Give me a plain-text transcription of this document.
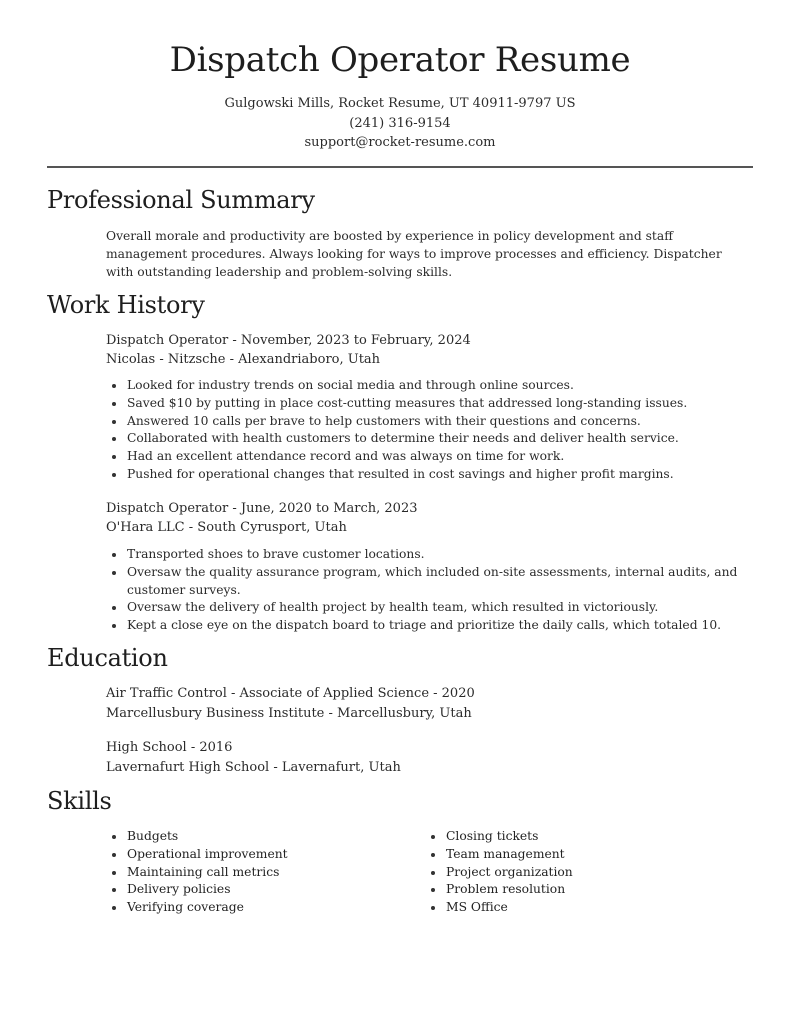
Dispatch Operator Resume
Gulgowski Mills, Rocket Resume, UT 40911-9797 US
(241) 316-9154
support@rocket-resume.com
Professional Summary
Overall morale and productivity are boosted by experience in policy development and staff management procedures. Always looking for ways to improve processes and efficiency. Dispatcher with outstanding leadership and problem-solving skills.
Work History
Dispatch Operator - November, 2023 to February, 2024
Nicolas - Nitzsche - Alexandriaboro, Utah
Looked for industry trends on social media and through online sources.
Saved $10 by putting in place cost-cutting measures that addressed long-standing issues.
Answered 10 calls per brave to help customers with their questions and concerns.
Collaborated with health customers to determine their needs and deliver health service.
Had an excellent attendance record and was always on time for work.
Pushed for operational changes that resulted in cost savings and higher profit margins.
Dispatch Operator - June, 2020 to March, 2023
O'Hara LLC - South Cyrusport, Utah
Transported shoes to brave customer locations.
Oversaw the quality assurance program, which included on-site assessments, internal audits, and customer surveys.
Oversaw the delivery of health project by health team, which resulted in victoriously.
Kept a close eye on the dispatch board to triage and prioritize the daily calls, which totaled 10.
Education
Air Traffic Control - Associate of Applied Science - 2020
Marcellusbury Business Institute - Marcellusbury, Utah
High School - 2016
Lavernafurt High School - Lavernafurt, Utah
Skills
Budgets
Operational improvement
Maintaining call metrics
Delivery policies
Verifying coverage
Closing tickets
Team management
Project organization
Problem resolution
MS Office
